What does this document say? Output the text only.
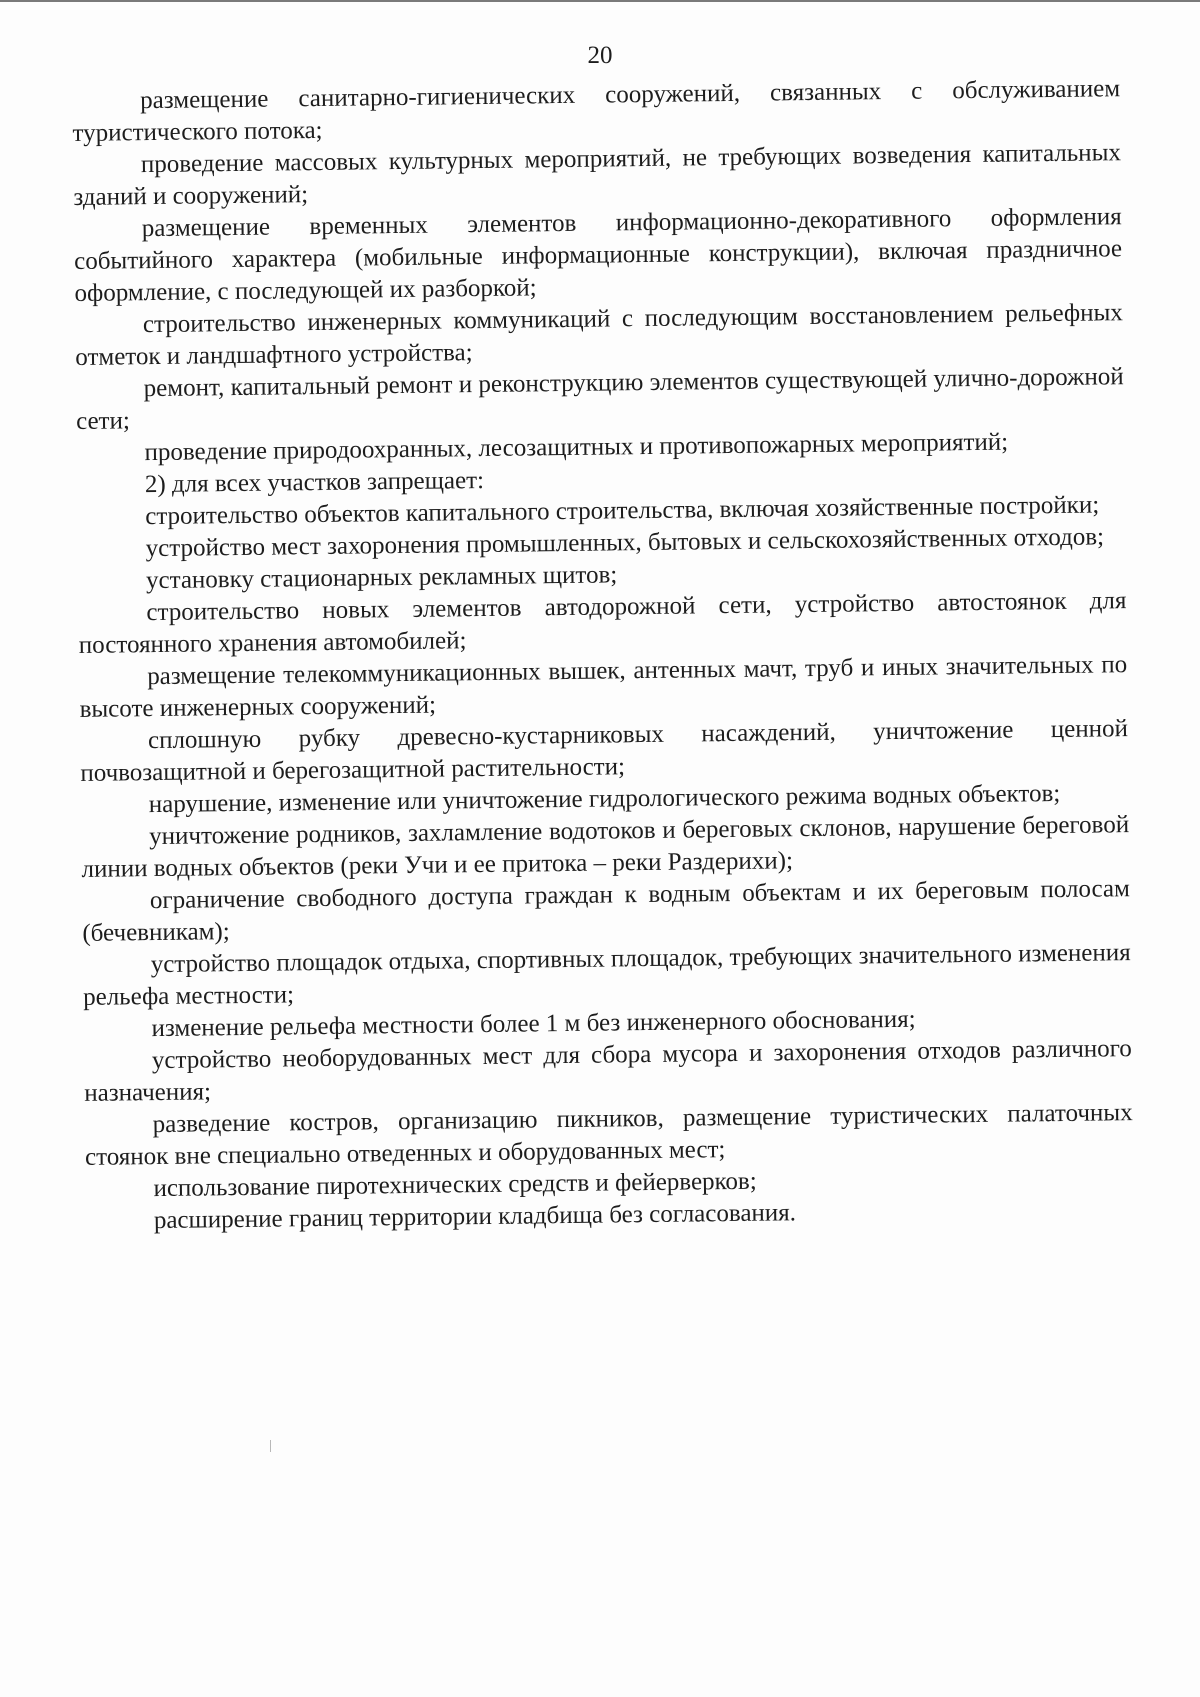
20

размещение санитарно-гигиенических сооружений, связанных с обслуживанием туристического потока;

проведение массовых культурных мероприятий, не требующих возведения капитальных зданий и сооружений;

размещение временных элементов информационно-декоративного оформления событийного характера (мобильные информационные конструкции), включая праздничное оформление, с последующей их разборкой;

строительство инженерных коммуникаций с последующим восстановлением рельефных отметок и ландшафтного устройства;

ремонт, капитальный ремонт и реконструкцию элементов существующей улично-дорожной сети;

проведение природоохранных, лесозащитных и противопожарных мероприятий;

2) для всех участков запрещает:

строительство объектов капитального строительства, включая хозяйственные постройки;

устройство мест захоронения промышленных, бытовых и сельскохозяйственных отходов;

установку стационарных рекламных щитов;

строительство новых элементов автодорожной сети, устройство автостоянок для постоянного хранения автомобилей;

размещение телекоммуникационных вышек, антенных мачт, труб и иных значительных по высоте инженерных сооружений;

сплошную рубку древесно-кустарниковых насаждений, уничтожение ценной почвозащитной и берегозащитной растительности;

нарушение, изменение или уничтожение гидрологического режима водных объектов;

уничтожение родников, захламление водотоков и береговых склонов, нарушение береговой линии водных объектов (реки Учи и ее притока – реки Раздерихи);

ограничение свободного доступа граждан к водным объектам и их береговым полосам (бечевникам);

устройство площадок отдыха, спортивных площадок, требующих значительного изменения рельефа местности;

изменение рельефа местности более 1 м без инженерного обоснования;

устройство необорудованных мест для сбора мусора и захоронения отходов различного назначения;

разведение костров, организацию пикников, размещение туристических палаточных стоянок вне специально отведенных и оборудованных мест;

использование пиротехнических средств и фейерверков;

расширение границ территории кладбища без согласования.
